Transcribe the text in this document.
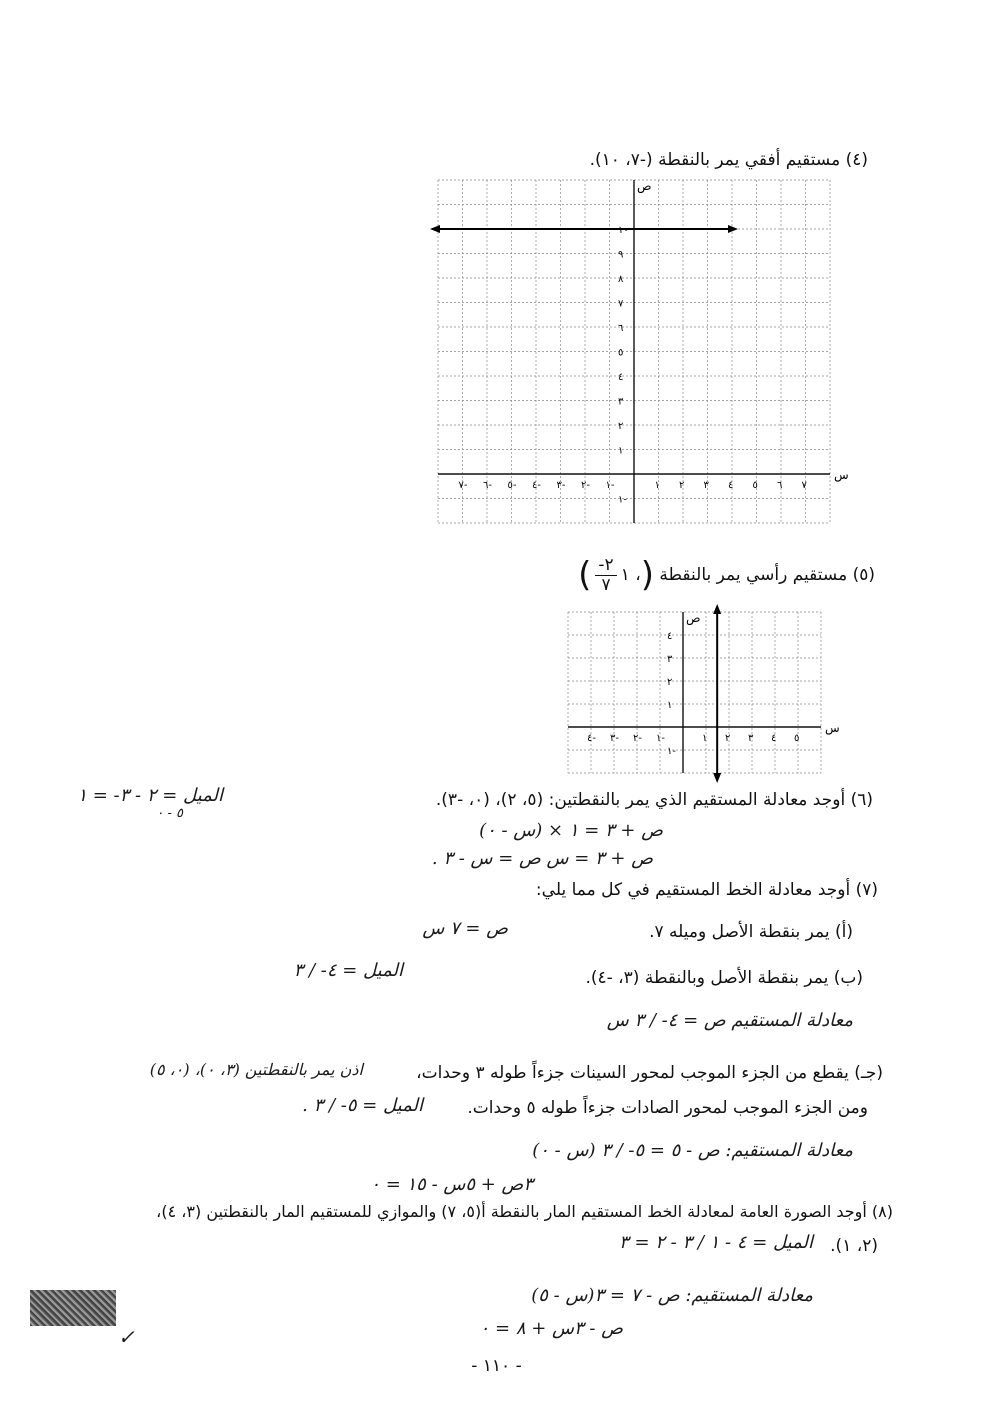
(٤) مستقيم أفقي يمر بالنقطة (-٧، ١٠).
س
ص
٧
٦
٥
٤
٣
٢
١
١-
٢-
٣-
٤-
٥-
٦-
٧-
١٠
٩
٨
٧
٦
٥
٤
٣
٢
١
١-
س
ص
١ ٢ ٣ ٤ ٥
١-
٢-
٣-
٤-
٤
٣
٢
١
١-
(٥) مستقيم رأسي يمر بالنقطة (، ١
$\frac{٢-}{٧}$
)
(٦) أوجد معادلة المستقيم الذي يمر بالنقطتين: (٥، ٢)، (٠، -٣).
الميل = ٢ - ٣- = ١
٥ - ٠
ص + ٣ = ١ × (س - ٠)
ص + ٣ = س ص = س - ٣ .
(٧) أوجد معادلة الخط المستقيم في كل مما يلي:
(أ) يمر بنقطة الأصل وميله ٧.
ص = ٧ س
(ب) يمر بنقطة الأصل وبالنقطة (٣، -٤).
الميل = ٤- / ٣
معادلة المستقيم ص = ٤- / ٣ س
(جـ) يقطع من الجزء الموجب لمحور السينات جزءاً طوله ٣ وحدات،
اذن يمر بالنقطتين (٣، ٠)، (٠، ٥)
ومن الجزء الموجب لمحور الصادات جزءاً طوله ٥ وحدات.
الميل = ٥- / ٣ .
معادلة المستقيم: ص - ٥ = ٥- / ٣ (س - ٠)
٣ص + ٥س - ١٥ = ٠
(٨) أوجد الصورة العامة لمعادلة الخط المستقيم المار بالنقطة أ(٥، ٧) والموازي للمستقيم المار بالنقطتين (٣، ٤)،
(٢، ١).
الميل = ٤ - ١ / ٣ - ٢ = ٣
معادلة المستقيم: ص - ٧ = ٣(س - ٥)
ص - ٣س + ٨ = ٠
✓
- ١١٠ -
